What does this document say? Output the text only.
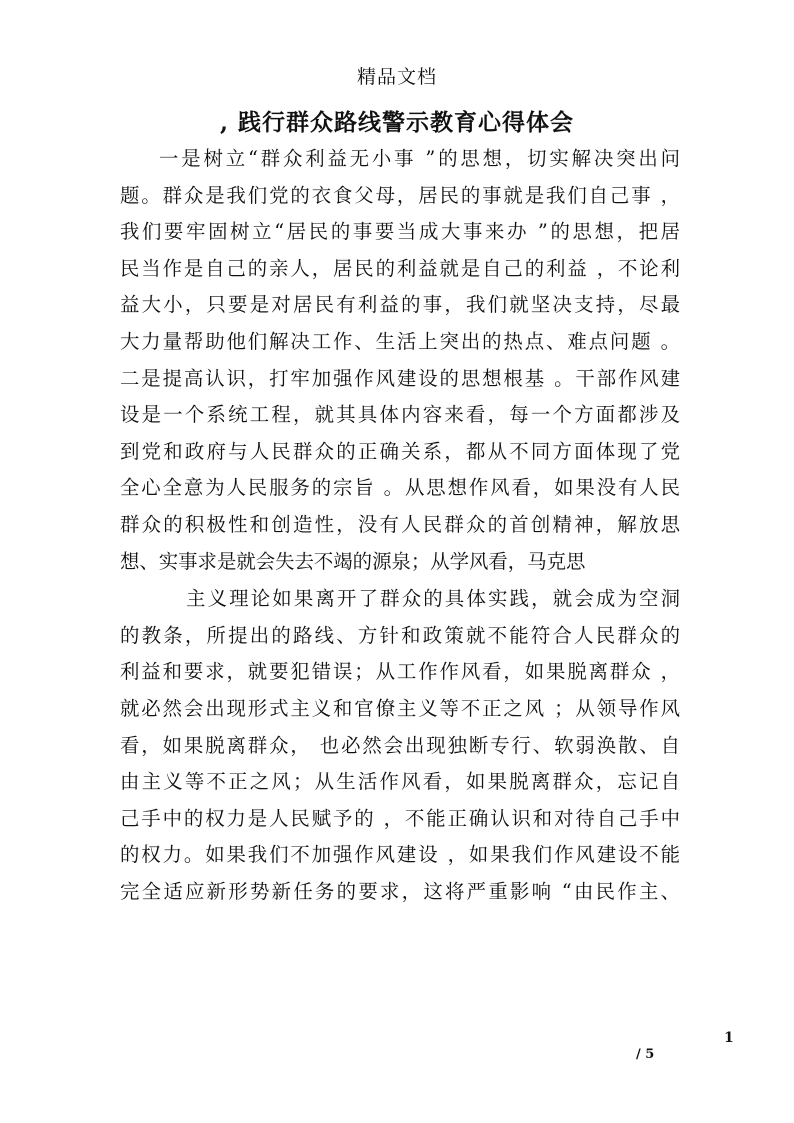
精品文档
, 践行群众路线警示教育心得体会
一是树立“群众利益无小事 ”的思想，切实解决突出问
题。群众是我们党的衣食父母，居民的事就是我们自己事 ，
我们要牢固树立“居民的事要当成大事来办 ”的思想，把居
民当作是自己的亲人，居民的利益就是自己的利益 ，不论利
益大小，只要是对居民有利益的事，我们就坚决支持，尽最
大力量帮助他们解决工作、生活上突出的热点、难点问题 。
二是提高认识，打牢加强作风建设的思想根基 。干部作风建
设是一个系统工程，就其具体内容来看，每一个方面都涉及
到党和政府与人民群众的正确关系，都从不同方面体现了党
全心全意为人民服务的宗旨 。从思想作风看，如果没有人民
群众的积极性和创造性，没有人民群众的首创精神，解放思
想、实事求是就会失去不竭的源泉；从学风看，马克思
主义理论如果离开了群众的具体实践，就会成为空洞
的教条，所提出的路线、方针和政策就不能符合人民群众的
利益和要求，就要犯错误；从工作作风看，如果脱离群众 ，
就必然会出现形式主义和官僚主义等不正之风 ；从领导作风
看，如果脱离群众， 也必然会出现独断专行、软弱涣散、自
由主义等不正之风；从生活作风看，如果脱离群众，忘记自
己手中的权力是人民赋予的 ，不能正确认识和对待自己手中
的权力。如果我们不加强作风建设 ，如果我们作风建设不能
完全适应新形势新任务的要求，这将严重影响 “由民作主、
1
/ 5
